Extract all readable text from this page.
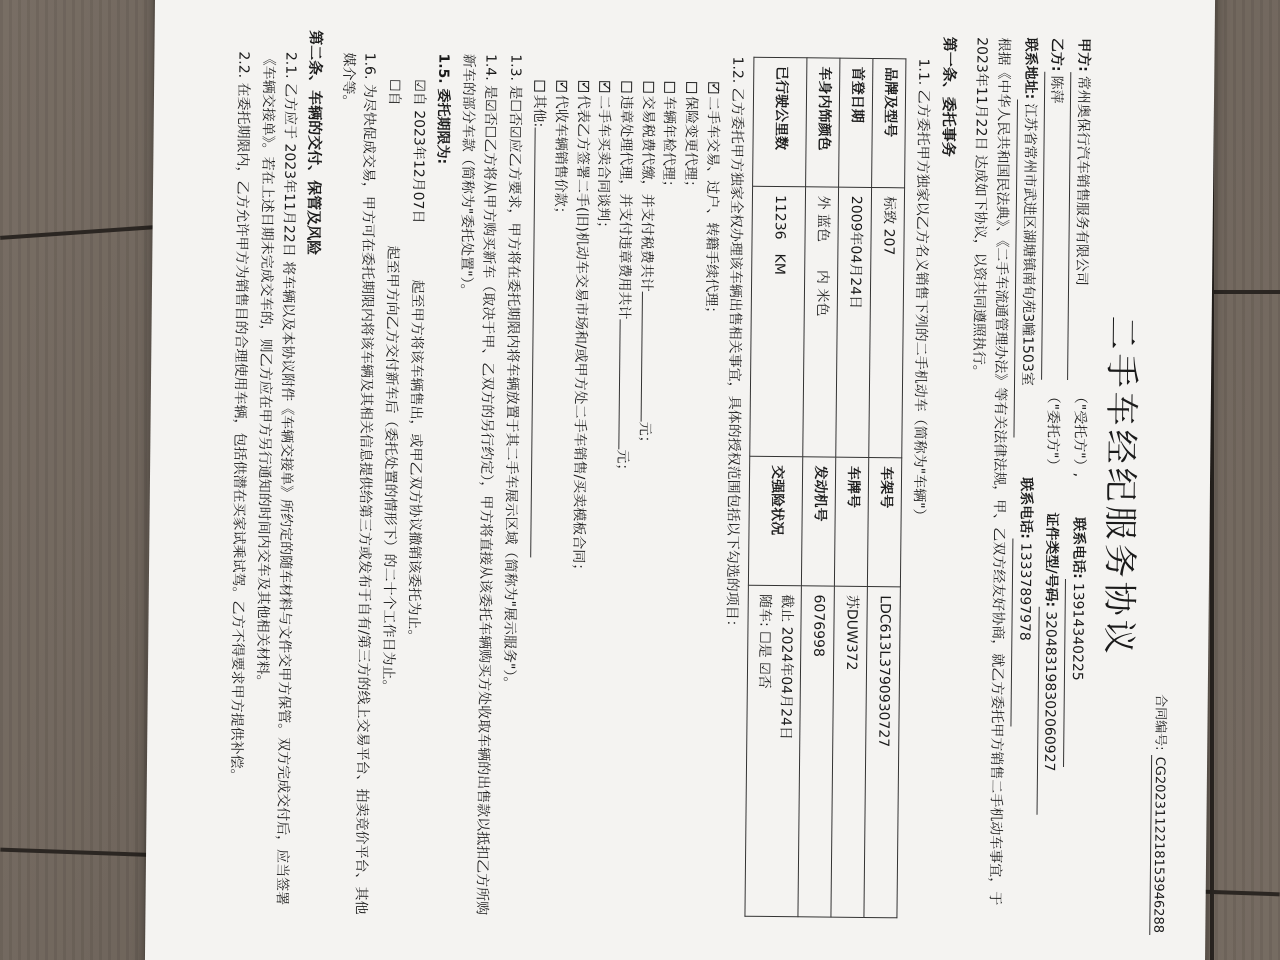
合同编号: CG2023112218153946288
二手车经纪服务协议
甲方:
常州奥保行汽车销售服务有限公司
（"受托方"）,
联系电话:
13914340225
乙方:
陈萍
（"委托方"）
证件类型/号码:
320483198302060927
联系地址:
江苏省常州市武进区湖塘镇南旬苑3幢1503室
联系电话:
13337897978
根据《中华人民共和国民法典》、《二手车流通管理办法》等有关法律法规，甲、乙双方经友好协商，就乙方委托甲方销售二手机动车事宜，于 2023年11月22日 达成如下协议，以资共同遵照执行。
第一条、委托事务
1.1. 乙方委托甲方独家以乙方名义销售下列的二手机动车（简称为"车辆"）
品牌及型号	标致 207	车架号	LDC613L3790930727
首登日期	2009年04月24日	车牌号	苏DUW372
车身内饰颜色	外 蓝色　　内 米色	发动机号	6076998
已行驶公里数	11236　KM	交强险状况	截止 2024年04月24日
随车: ☐是 ☑否
1.2. 乙方委托甲方独家全权办理该车辆出售相关事宜，具体的授权范围包括以下勾选的项目：
✓二手车交易、过户、转籍手续代理；
保险变更代理；
车辆年检代理；
交易税费代缴，并支付税费共计元；
违章处理代理，并支付违章费用共计元；
✓二手车买卖合同谈判；
✓代表乙方签署二手(旧)机动车交易市场和/或甲方处二手车销售/买卖模板合同；
✓代收车辆销售价款；
其他:
1.3. 是☐否☑应乙方要求，甲方将在委托期限内将车辆放置于其二手车展示区域（简称为"展示服务"）。
1.4. 是☑否☐乙方将从甲方购买新车（取决于甲、乙双方的另行约定），甲方将直接从该委托车辆购买方处收取车辆的出售款以抵扣乙方所购新车的部分车款（简称为"委托处置"）。
1.5. 委托期限为:
☑自 2023年12月07日　　　　起至甲方将该车辆售出，或甲乙双方协议撤销该委托为止。
☐自　　　　　　　　　　起至甲方向乙方交付新车后（委托处置的情形下）的二十个工作日为止。
1.6. 为尽快促成交易，甲方可在委托期限内将该车辆及其相关信息提供给第三方或发布于自有/第三方的线上交易平台、拍卖竞价平台、其他媒介等。
第二条、车辆的交付、保管及风险
2.1. 乙方应于 2023年11月22日 将车辆以及本协议附件《车辆交接单》所约定的随车材料与文件交甲方保管。双方完成交付后，应当签署《车辆交接单》。若在上述日期未完成交车的，则乙方应在甲方另行通知的时间内交车及其他相关材料。
2.2. 在委托期限内，乙方允许甲方为销售目的合理使用车辆，包括供潜在买家试乘试驾。乙方不得要求甲方提供补偿。
